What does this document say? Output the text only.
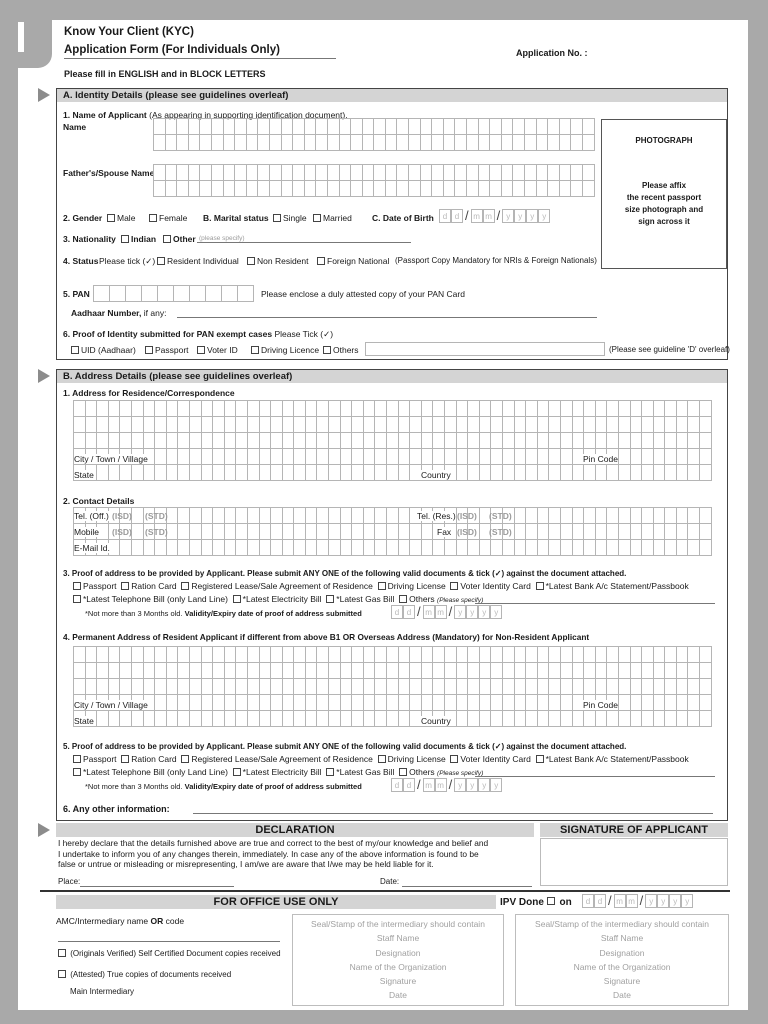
Know Your Client (KYC)
Application Form (For Individuals Only)	Application No. :
Please fill in ENGLISH and in BLOCK LETTERS
A. Identity Details (please see guidelines overleaf)
1. Name of Applicant (As appearing in supporting identification document).
Name
Father's/Spouse Name
PHOTOGRAPH
Please affix
the recent passport
size photograph and
sign across it
2. Gender	Male	Female B. Marital status	Single	Married C. Date of Birth	d d / m m / y y y y
3. Nationality	Indian	Other (please specify)
4. Status Please tick (✓)	Resident Individual	Non Resident	Foreign National (Passport Copy Mandatory for NRIs & Foreign Nationals)
5. PAN	Please enclose a duly attested copy of your PAN Card
Aadhaar Number, if any:
6. Proof of Identity submitted for PAN exempt cases Please Tick (✓)
UID (Aadhaar)	Passport	Voter ID	Driving Licence	Others	(Please see guideline 'D' overleaf)
B. Address Details (please see guidelines overleaf)
1. Address for Residence/Correspondence
City / Town / Village	Pin Code
State	Country
2. Contact Details
Tel. (Off.) (ISD) (STD)	Tel. (Res.) (ISD) (STD)
Mobile (ISD) (STD)	Fax (ISD) (STD)
E-Mail Id.
3. Proof of address to be provided by Applicant. Please submit ANY ONE of the following valid documents & tick (✓) against the document attached.
Passport Ration Card Registered Lease/Sale Agreement of Residence Driving License Voter Identity Card *Latest Bank A/c Statement/Passbook
*Latest Telephone Bill (only Land Line) *Latest Electricity Bill *Latest Gas Bill Others (Please specify)
*Not more than 3 Months old. Validity/Expiry date of proof of address submitted	d d / m m / y y y y
4. Permanent Address of Resident Applicant if different from above B1 OR Overseas Address (Mandatory) for Non-Resident Applicant
City / Town / Village	Pin Code
State	Country
5. Proof of address to be provided by Applicant. Please submit ANY ONE of the following valid documents & tick (✓) against the document attached.
Passport Ration Card Registered Lease/Sale Agreement of Residence Driving License Voter Identity Card *Latest Bank A/c Statement/Passbook
*Latest Telephone Bill (only Land Line) *Latest Electricity Bill *Latest Gas Bill Others (Please specify)
*Not more than 3 Months old. Validity/Expiry date of proof of address submitted	d d / m m / y y y y
6. Any other information:
DECLARATION	SIGNATURE OF APPLICANT
I hereby declare that the details furnished above are true and correct to the best of my/our knowledge and belief and
I undertake to inform you of any changes therein, immediately. In case any of the above information is found to be
false or untrue or misleading or misrepresenting, I am/we are aware that I/we may be held liable for it.
Place:	Date:
FOR OFFICE USE ONLY	IPV Done on	d d / m m / y y y y
AMC/Intermediary name OR code
(Originals Verified) Self Certified Document copies received
(Attested) True copies of documents received
Main Intermediary
Seal/Stamp of the intermediary should contain
Staff Name
Designation
Name of the Organization
Signature
Date
Seal/Stamp of the intermediary should contain
Staff Name
Designation
Name of the Organization
Signature
Date
